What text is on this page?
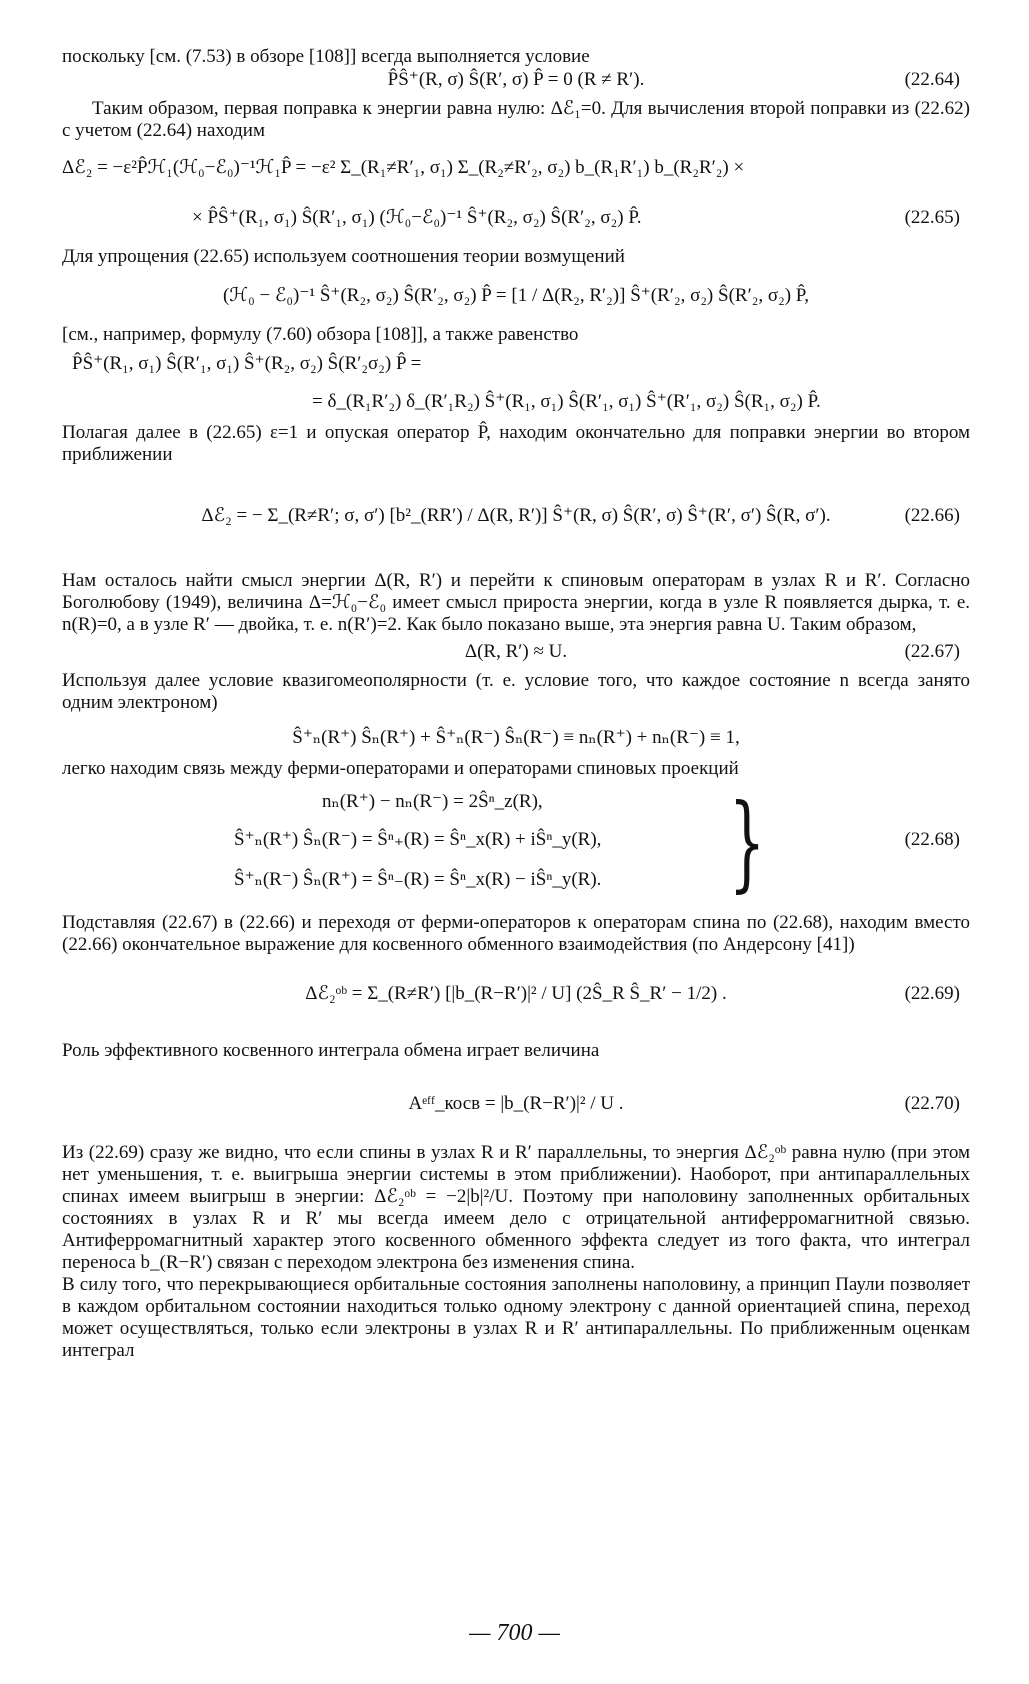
поскольку [см. (7.53) в обзоре [108]] всегда выполняется условие

P̂Ŝ⁺(R, σ) Ŝ(R′, σ) P̂ = 0 (R ≠ R′).	(22.64)

Таким образом, первая поправка к энергии равна нулю: Δℰ₁=0. Для вычисления второй поправки из (22.62) с учетом (22.64) находим

Δℰ₂ = −ε²P̂ℋ₁(ℋ₀−ℰ₀)⁻¹ℋ₁P̂ = −ε² Σ_(R₁≠R′₁, σ₁) Σ_(R₂≠R′₂, σ₂) b_(R₁R′₁) b_(R₂R′₂) ×
× P̂Ŝ⁺(R₁, σ₁) Ŝ(R′₁, σ₁) (ℋ₀−ℰ₀)⁻¹ Ŝ⁺(R₂, σ₂) Ŝ(R′₂, σ₂) P̂.	(22.65)

Для упрощения (22.65) используем соотношения теории возмущений

(ℋ₀ − ℰ₀)⁻¹ Ŝ⁺(R₂, σ₂) Ŝ(R′₂, σ₂) P̂ = [1 / Δ(R₂, R′₂)] Ŝ⁺(R′₂, σ₂) Ŝ(R′₂, σ₂) P̂,

[см., например, формулу (7.60) обзора [108]], а также равенство

P̂Ŝ⁺(R₁, σ₁) Ŝ(R′₁, σ₁) Ŝ⁺(R₂, σ₂) Ŝ(R′₂σ₂) P̂ =
= δ_(R₁R′₂) δ_(R′₁R₂) Ŝ⁺(R₁, σ₁) Ŝ(R′₁, σ₁) Ŝ⁺(R′₁, σ₂) Ŝ(R₁, σ₂) P̂.

Полагая далее в (22.65) ε=1 и опуская оператор P̂, находим окончательно для поправки энергии во втором приближении

Δℰ₂ = − Σ_(R≠R′; σ, σ′) [b²_(RR′) / Δ(R, R′)] Ŝ⁺(R, σ) Ŝ(R′, σ) Ŝ⁺(R′, σ′) Ŝ(R, σ′).	(22.66)

Нам осталось найти смысл энергии Δ(R, R′) и перейти к спиновым операторам в узлах R и R′. Согласно Боголюбову (1949), величина Δ=ℋ₀−ℰ₀ имеет смысл прироста энергии, когда в узле R появляется дырка, т. е. n(R)=0, а в узле R′ — двойка, т. е. n(R′)=2. Как было показано выше, эта энергия равна U. Таким образом,

Δ(R, R′) ≈ U.	(22.67)

Используя далее условие квазигомеополярности (т. е. условие того, что каждое состояние n всегда занято одним электроном)

Ŝ⁺ₙ(R⁺) Ŝₙ(R⁺) + Ŝ⁺ₙ(R⁻) Ŝₙ(R⁻) ≡ nₙ(R⁺) + nₙ(R⁻) ≡ 1,

легко находим связь между ферми-операторами и операторами спиновых проекций

nₙ(R⁺) − nₙ(R⁻) = 2Ŝⁿ_z(R),
Ŝ⁺ₙ(R⁺) Ŝₙ(R⁻) = Ŝⁿ₊(R) = Ŝⁿ_x(R) + iŜⁿ_y(R),
Ŝ⁺ₙ(R⁻) Ŝₙ(R⁺) = Ŝⁿ₋(R) = Ŝⁿ_x(R) − iŜⁿ_y(R). }	(22.68)

Подставляя (22.67) в (22.66) и переходя от ферми-операторов к операторам спина по (22.68), находим вместо (22.66) окончательное выражение для косвенного обменного взаимодействия (по Андерсону [41])

Δℰ₂ᵒᵇ = Σ_(R≠R′) [|b_(R−R′)|² / U] (2Ŝ_R Ŝ_R′ − 1/2) .	(22.69)

Роль эффективного косвенного интеграла обмена играет величина

Aᵉᶠᶠ_косв = |b_(R−R′)|² / U .	(22.70)

Из (22.69) сразу же видно, что если спины в узлах R и R′ параллельны, то энергия Δℰ₂ᵒᵇ равна нулю (при этом нет уменьшения, т. е. выигрыша энергии системы в этом приближении). Наоборот, при антипараллельных спинах имеем выигрыш в энергии: Δℰ₂ᵒᵇ = −2|b|²/U. Поэтому при наполовину заполненных орбитальных состояниях в узлах R и R′ мы всегда имеем дело с отрицательной антиферромагнитной связью. Антиферромагнитный характер этого косвенного обменного эффекта следует из того факта, что интеграл переноса b_(R−R′) связан с переходом электрона без изменения спина.

В силу того, что перекрывающиеся орбитальные состояния заполнены наполовину, а принцип Паули позволяет в каждом орбитальном состоянии находиться только одному электрону с данной ориентацией спина, переход может осуществляться, только если электроны в узлах R и R′ антипараллельны. По приближенным оценкам интеграл

— 700 —
